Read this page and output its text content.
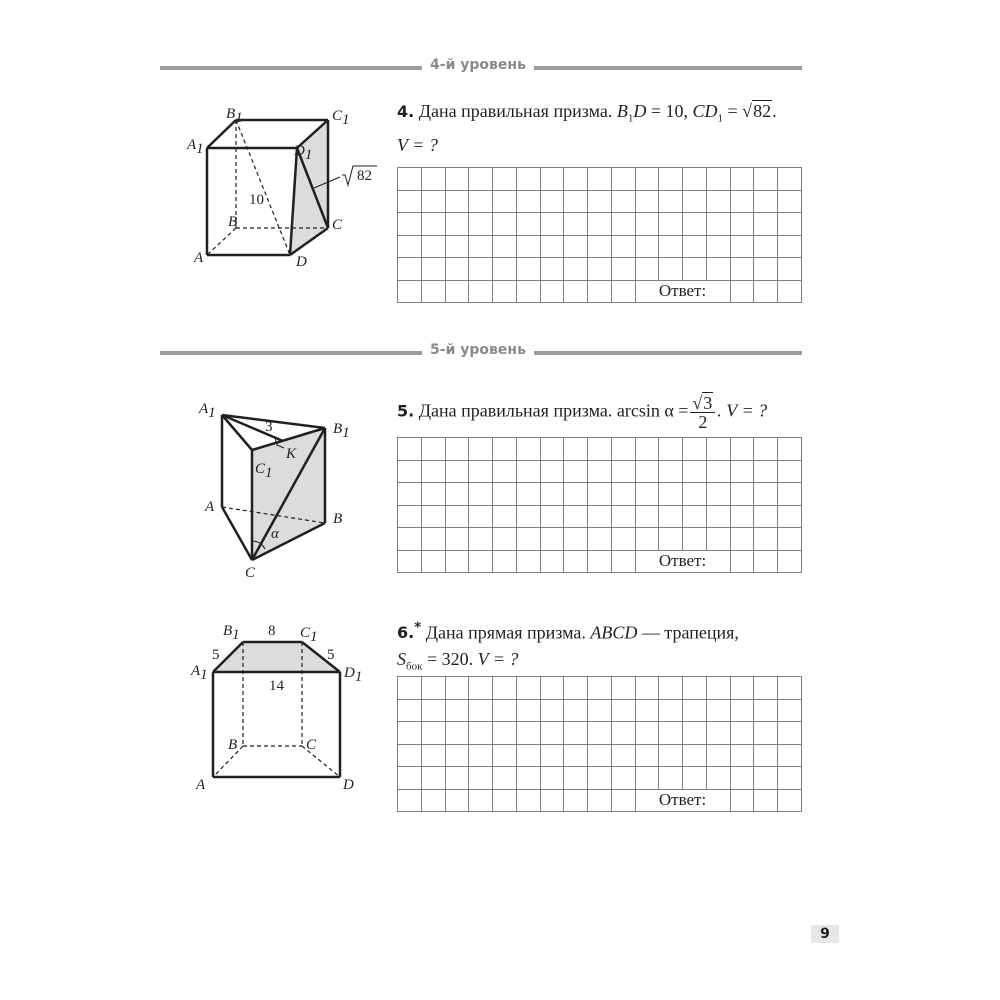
4-й уровень
B1	C1
A1	D1
82
10
B	C
A	D
4. Дана правильная призма. $B_1D = 10$, $CD_1 = √82$.
V = ?

										Ответ:						
5-й уровень
A1
B1
3
K
C1
A
B
α
C
5. Дана правильная призма. $\arcsin \alpha = \frac{√3}{2}$ . V = ?

										Ответ:						
B1 8 C1
5	5
A1	D1
14
B	C
A	D
6.* Дана прямая призма. ABCD — трапеция,
$S_{бок} = 320$. V = ?

										Ответ:						
9
